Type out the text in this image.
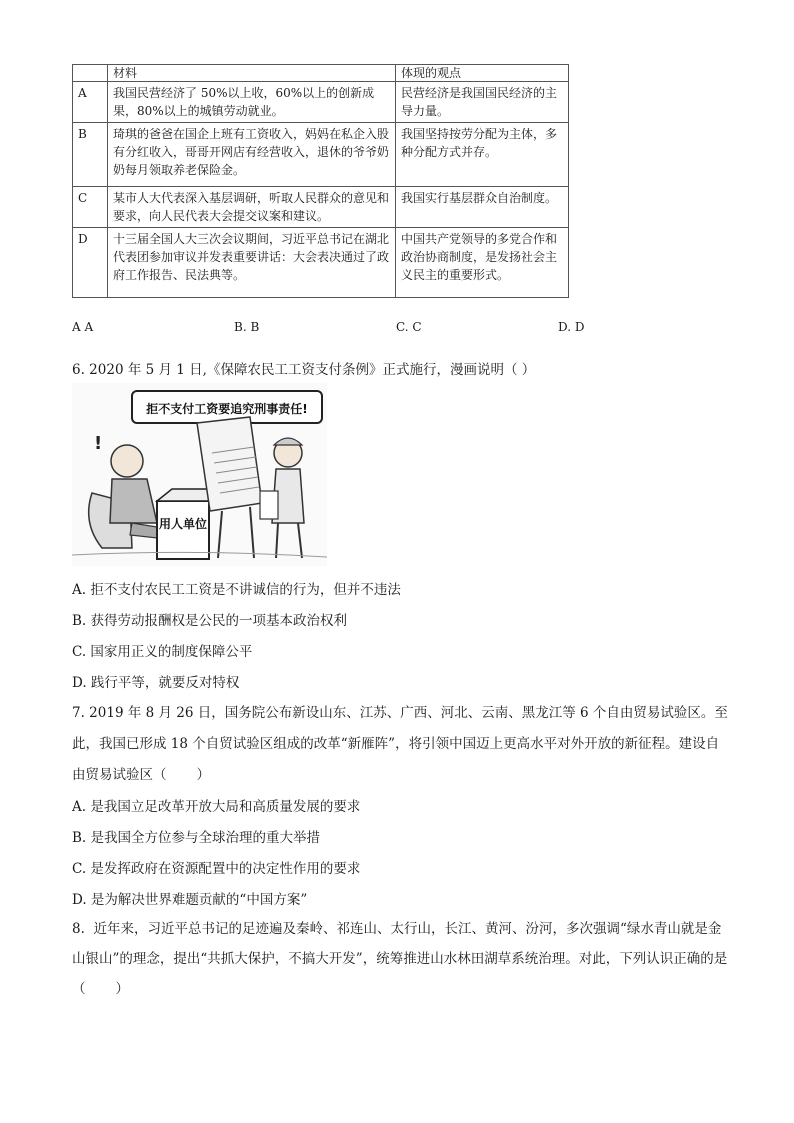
	材料	体现的观点
A	我国民营经济了 50%以上收，60%以上的创新成果，80%以上的城镇劳动就业。	民营经济是我国国民经济的主导力量。
B	琦琪的爸爸在国企上班有工资收入，妈妈在私企入股有分红收入，哥哥开网店有经营收入，退休的爷爷奶奶每月领取养老保险金。	我国坚持按劳分配为主体，多种分配方式并存。
C	某市人大代表深入基层调研，听取人民群众的意见和要求，向人民代表大会提交议案和建议。	我国实行基层群众自治制度。
D	十三届全国人大三次会议期间，习近平总书记在湖北代表团参加审议并发表重要讲话：大会表决通过了政府工作报告、民法典等。	中国共产党领导的多党合作和政治协商制度，是发扬社会主义民主的重要形式。
A A	B. B	C. C	D. D
6. 2020 年 5 月 1 日,《保障农民工工资支付条例》正式施行，漫画说明（ ）
拒不支付工资要追究刑事责任!
!
用人单位
A. 拒不支付农民工工资是不讲诚信的行为，但并不违法
B. 获得劳动报酬权是公民的一项基本政治权利
C. 国家用正义的制度保障公平
D. 践行平等，就要反对特权
7. 2019 年 8 月 26 日，国务院公布新设山东、江苏、广西、河北、云南、黑龙江等 6 个自由贸易试验区。至此，我国已形成 18 个自贸试验区组成的改革“新雁阵”，将引领中国迈上更高水平对外开放的新征程。建设自由贸易试验区（       ）
A. 是我国立足改革开放大局和高质量发展的要求
B. 是我国全方位参与全球治理的重大举措
C. 是发挥政府在资源配置中的决定性作用的要求
D. 是为解决世界难题贡献的“中国方案”
8.  近年来，习近平总书记的足迹遍及秦岭、祁连山、太行山，长江、黄河、汾河，多次强调“绿水青山就是金山银山”的理念，提出“共抓大保护，不搞大开发”，统筹推进山水林田湖草系统治理。对此，下列认识正确的是（       ）
